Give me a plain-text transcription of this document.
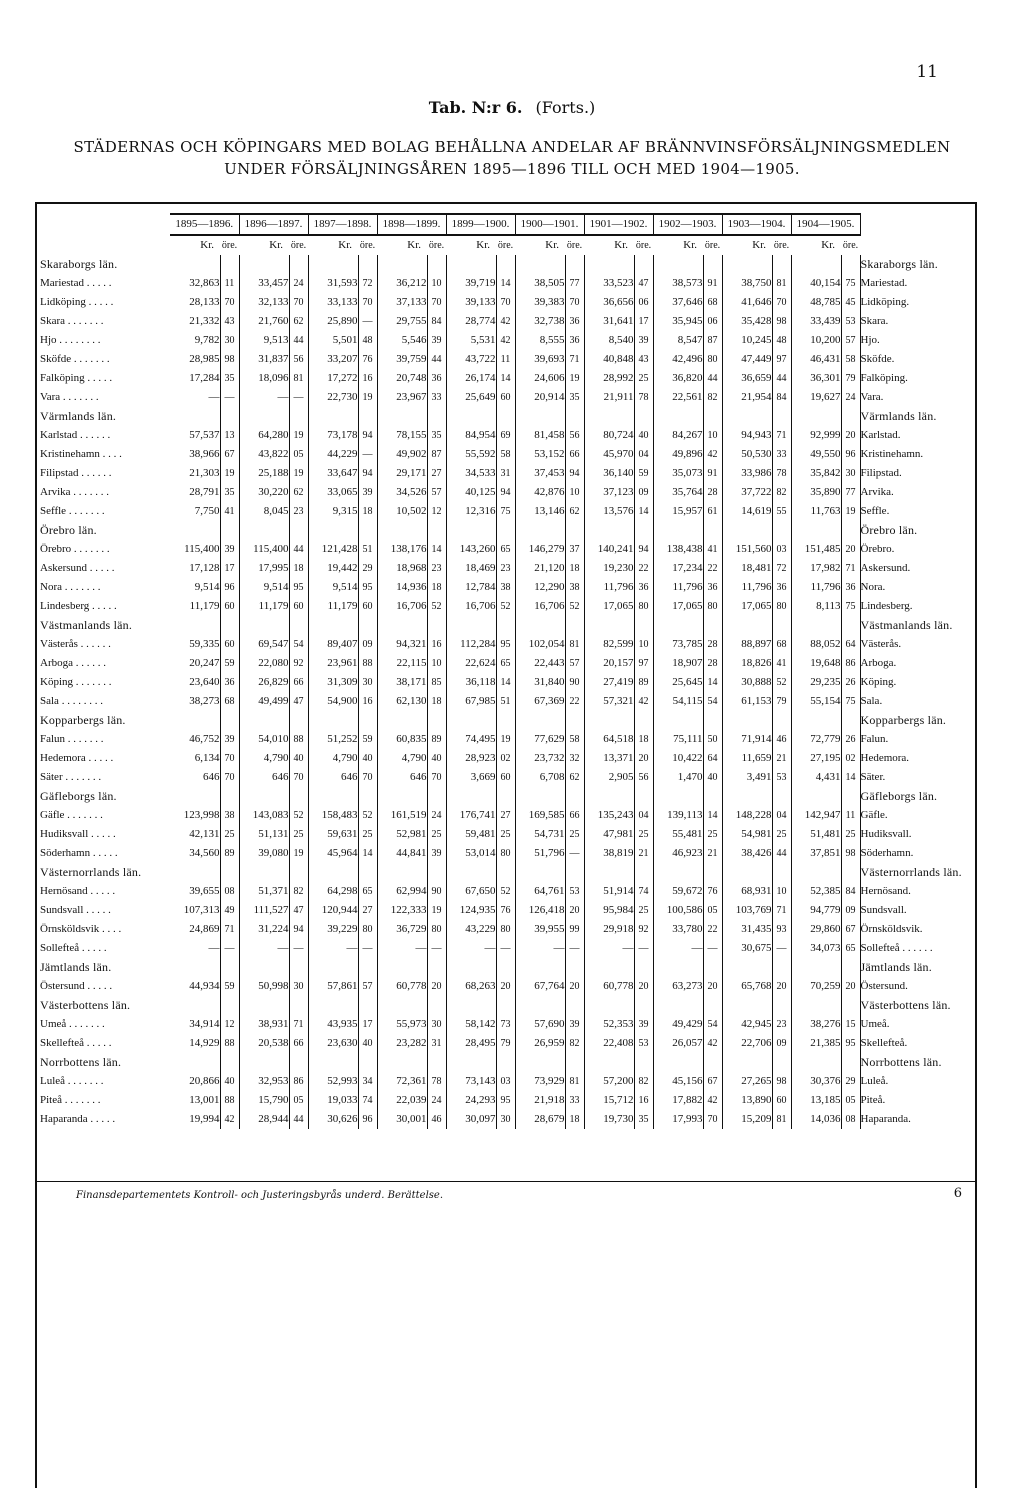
11
Tab. N:r 6. (Forts.)
STÄDERNAS OCH KÖPINGARS MED BOLAG BEHÅLLNA ANDELAR AF BRÄNNVINSFÖRSÄLJNINGSMEDLEN
UNDER FÖRSÄLJNINGSÅREN 1895—1896 TILL OCH MED 1904—1905.
	1895—1896.		1896—1897.		1897—1898.		1898—1899.		1899—1900.		1900—1901.		1901—1902.		1902—1903.		1903—1904.		1904—1905.		
	Kr.	öre.	Kr.	öre.	Kr.	öre.	Kr.	öre.	Kr.	öre.	Kr.	öre.	Kr.	öre.	Kr.	öre.	Kr.	öre.	Kr.	öre.	
Skaraborgs län.																					Skaraborgs län.
Mariestad . . . . .	32,863	11	33,457	24	31,593	72	36,212	10	39,719	14	38,505	77	33,523	47	38,573	91	38,750	81	40,154	75	Mariestad.
Lidköping . . . . .	28,133	70	32,133	70	33,133	70	37,133	70	39,133	70	39,383	70	36,656	06	37,646	68	41,646	70	48,785	45	Lidköping.
Skara . . . . . . .	21,332	43	21,760	62	25,890	—	29,755	84	28,774	42	32,738	36	31,641	17	35,945	06	35,428	98	33,439	53	Skara.
Hjo . . . . . . . .	9,782	30	9,513	44	5,501	48	5,546	39	5,531	42	8,555	36	8,540	39	8,547	87	10,245	48	10,200	57	Hjo.
Sköfde . . . . . . .	28,985	98	31,837	56	33,207	76	39,759	44	43,722	11	39,693	71	40,848	43	42,496	80	47,449	97	46,431	58	Sköfde.
Falköping . . . . .	17,284	35	18,096	81	17,272	16	20,748	36	26,174	14	24,606	19	28,992	25	36,820	44	36,659	44	36,301	79	Falköping.
Vara . . . . . . .	—	—	—	—	22,730	19	23,967	33	25,649	60	20,914	35	21,911	78	22,561	82	21,954	84	19,627	24	Vara.
Värmlands län.																					Värmlands län.
Karlstad . . . . . .	57,537	13	64,280	19	73,178	94	78,155	35	84,954	69	81,458	56	80,724	40	84,267	10	94,943	71	92,999	20	Karlstad.
Kristinehamn . . . .	38,966	67	43,822	05	44,229	—	49,902	87	55,592	58	53,152	66	45,970	04	49,896	42	50,530	33	49,550	96	Kristinehamn.
Filipstad . . . . . .	21,303	19	25,188	19	33,647	94	29,171	27	34,533	31	37,453	94	36,140	59	35,073	91	33,986	78	35,842	30	Filipstad.
Arvika . . . . . . .	28,791	35	30,220	62	33,065	39	34,526	57	40,125	94	42,876	10	37,123	09	35,764	28	37,722	82	35,890	77	Arvika.
Seffle . . . . . . .	7,750	41	8,045	23	9,315	18	10,502	12	12,316	75	13,146	62	13,576	14	15,957	61	14,619	55	11,763	19	Seffle.
Örebro län.																					Örebro län.
Örebro . . . . . . .	115,400	39	115,400	44	121,428	51	138,176	14	143,260	65	146,279	37	140,241	94	138,438	41	151,560	03	151,485	20	Örebro.
Askersund . . . . .	17,128	17	17,995	18	19,442	29	18,968	23	18,469	23	21,120	18	19,230	22	17,234	22	18,481	72	17,982	71	Askersund.
Nora . . . . . . .	9,514	96	9,514	95	9,514	95	14,936	18	12,784	38	12,290	38	11,796	36	11,796	36	11,796	36	11,796	36	Nora.
Lindesberg . . . . .	11,179	60	11,179	60	11,179	60	16,706	52	16,706	52	16,706	52	17,065	80	17,065	80	17,065	80	8,113	75	Lindesberg.
Västmanlands län.																					Västmanlands län.
Västerås . . . . . .	59,335	60	69,547	54	89,407	09	94,321	16	112,284	95	102,054	81	82,599	10	73,785	28	88,897	68	88,052	64	Västerås.
Arboga . . . . . .	20,247	59	22,080	92	23,961	88	22,115	10	22,624	65	22,443	57	20,157	97	18,907	28	18,826	41	19,648	86	Arboga.
Köping . . . . . . .	23,640	36	26,829	66	31,309	30	38,171	85	36,118	14	31,840	90	27,419	89	25,645	14	30,888	52	29,235	26	Köping.
Sala . . . . . . . .	38,273	68	49,499	47	54,900	16	62,130	18	67,985	51	67,369	22	57,321	42	54,115	54	61,153	79	55,154	75	Sala.
Kopparbergs län.																					Kopparbergs län.
Falun . . . . . . .	46,752	39	54,010	88	51,252	59	60,835	89	74,495	19	77,629	58	64,518	18	75,111	50	71,914	46	72,779	26	Falun.
Hedemora . . . . .	6,134	70	4,790	40	4,790	40	4,790	40	28,923	02	23,732	32	13,371	20	10,422	64	11,659	21	27,195	02	Hedemora.
Säter . . . . . . .	646	70	646	70	646	70	646	70	3,669	60	6,708	62	2,905	56	1,470	40	3,491	53	4,431	14	Säter.
Gäfleborgs län.																					Gäfleborgs län.
Gäfle . . . . . . .	123,998	38	143,083	52	158,483	52	161,519	24	176,741	27	169,585	66	135,243	04	139,113	14	148,228	04	142,947	11	Gäfle.
Hudiksvall . . . . .	42,131	25	51,131	25	59,631	25	52,981	25	59,481	25	54,731	25	47,981	25	55,481	25	54,981	25	51,481	25	Hudiksvall.
Söderhamn . . . . .	34,560	89	39,080	19	45,964	14	44,841	39	53,014	80	51,796	—	38,819	21	46,923	21	38,426	44	37,851	98	Söderhamn.
Västernorrlands län.																					Västernorrlands län.
Hernösand . . . . .	39,655	08	51,371	82	64,298	65	62,994	90	67,650	52	64,761	53	51,914	74	59,672	76	68,931	10	52,385	84	Hernösand.
Sundsvall . . . . .	107,313	49	111,527	47	120,944	27	122,333	19	124,935	76	126,418	20	95,984	25	100,586	05	103,769	71	94,779	09	Sundsvall.
Örnsköldsvik . . . .	24,869	71	31,224	94	39,229	80	36,729	80	43,229	80	39,955	99	29,918	92	33,780	22	31,435	93	29,860	67	Örnsköldsvik.
Sollefteå . . . . .	—	—	—	—	—	—	—	—	—	—	—	—	—	—	—	—	30,675	—	34,073	65	Sollefteå . . . . . .
Jämtlands län.																					Jämtlands län.
Östersund . . . . .	44,934	59	50,998	30	57,861	57	60,778	20	68,263	20	67,764	20	60,778	20	63,273	20	65,768	20	70,259	20	Östersund.
Västerbottens län.																					Västerbottens län.
Umeå . . . . . . .	34,914	12	38,931	71	43,935	17	55,973	30	58,142	73	57,690	39	52,353	39	49,429	54	42,945	23	38,276	15	Umeå.
Skellefteå . . . . .	14,929	88	20,538	66	23,630	40	23,282	31	28,495	79	26,959	82	22,408	53	26,057	42	22,706	09	21,385	95	Skellefteå.
Norrbottens län.																					Norrbottens län.
Luleå . . . . . . .	20,866	40	32,953	86	52,993	34	72,361	78	73,143	03	73,929	81	57,200	82	45,156	67	27,265	98	30,376	29	Luleå.
Piteå . . . . . . .	13,001	88	15,790	05	19,033	74	22,039	24	24,293	95	21,918	33	15,712	16	17,882	42	13,890	60	13,185	05	Piteå.
Haparanda . . . . .	19,994	42	28,944	44	30,626	96	30,001	46	30,097	30	28,679	18	19,730	35	17,993	70	15,209	81	14,036	08	Haparanda.
Finansdepartementets Kontroll- och Justeringsbyrås underd. Berättelse.	6
